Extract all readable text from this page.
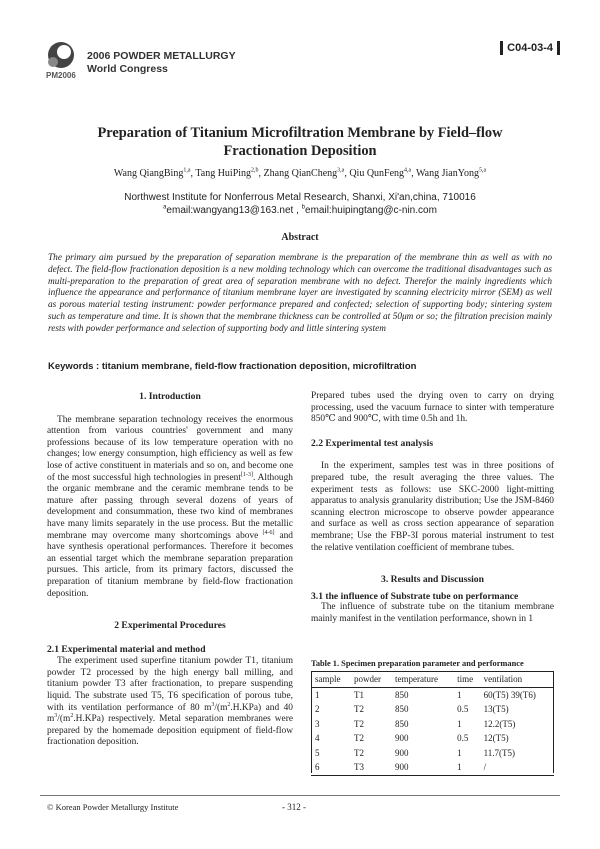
PM2006
2006 POWDER METALLURGY
World Congress
C04-03-4
Preparation of Titanium Microfiltration Membrane by Field–flow
Fractionation Deposition
Wang QiangBing$^{1,a}$, Tang HuiPing$^{2,b}$, Zhang QianCheng$^{3,a}$, Qiu QunFeng$^{4,a}$, Wang JianYong$^{5,a}$
Northwest Institute for Nonferrous Metal Research, Shanxi, Xi'an,china, 710016
$^a$email:wangyang13@163.net , $^b$email:huipingtang@c-nin.com
Abstract
The primary aim pursued by the preparation of separation membrane is the preparation of the membrane thin as well as with no defect. The field-flow fractionation deposition is a new molding technology which can overcome the traditional disadvantages such as multi-preparation to the preparation of great area of separation membrane with no defect. Therefor the mainly ingredients which influence the appearance and performance of titanium membrane layer are investigated by scanning electricity mirror (SEM) as well as porous material testing instrument: powder performance prepared and confected; selection of supporting body; sintering system such as temperature and time. It is shown that the membrane thickness can be controlled at 50μm or so; the filtration precision mainly rests with powder performance and selection of supporting body and little sintering system
Keywords : titanium membrane, field-flow fractionation deposition, microfiltration
1. Introduction

The membrane separation technology receives the enormous attention from various countries' government and many professions because of its low temperature operation with no changes; low energy consumption, high efficiency as well as few lose of active constituent in materials and so on, and become one of the most successful high technologies in present[1-3]. Although the organic membrane and the ceramic membrane tends to be mature after passing through several dozens of years of development and consummation, these two kind of membranes have many limits separately in the use process. But the metallic membrane may overcome many shortcomings above [4-6] and have synthesis operational performances. Therefore it becomes an essential target which the membrane separation preparation pursues. This article, from its primary factors, discussed the preparation of titanium membrane by field-flow fractionation deposition.

2 Experimental Procedures
2.1 Experimental material and method

The experiment used superfine titanium powder T1, titanium powder T2 processed by the high energy ball milling, and titanium powder T3 after fractionation, to prepare suspending liquid. The substrate used T5, T6 specification of porous tube, with its ventilation performance of 80 $m^3/(m^2.H.KPa)$ and 40 $m^3/(m^2.H.KPa)$ respectively. Metal separation membranes were prepared by the homemade deposition equipment of field-flow fractionation deposition.

Prepared tubes used the drying oven to carry on drying processing, used the vacuum furnace to sinter with temperature 850℃ and 900℃, with time 0.5h and 1h.

2.2 Experimental test analysis

In the experiment, samples test was in three positions of prepared tube, the result averaging the three values. The experiment tests as follows: use SKC-2000 light-mitting apparatus to analysis granularity distribution; Use the JSM-8460 scanning electron microscope to observe powder appearance and surface as well as cross section appearance of separation membrane; Use the FBP-3I porous material instrument to test the relative ventilation coefficient of membrane tubes.

3. Results and Discussion
3.1 the influence of Substrate tube on performance

The influence of substrate tube on the titanium membrane mainly manifest in the ventilation performance, shown in 1

Table 1. Specimen preparation parameter and performance
sample	powder	temperature	time	ventilation
1	T1	850	1	60(T5) 39(T6)
2	T2	850	0.5	13(T5)
3	T2	850	1	12.2(T5)
4	T2	900	0.5	12(T5)
5	T2	900	1	11.7(T5)
6	T3	900	1	/
© Korean Powder Metallurgy Institute	- 312 -
